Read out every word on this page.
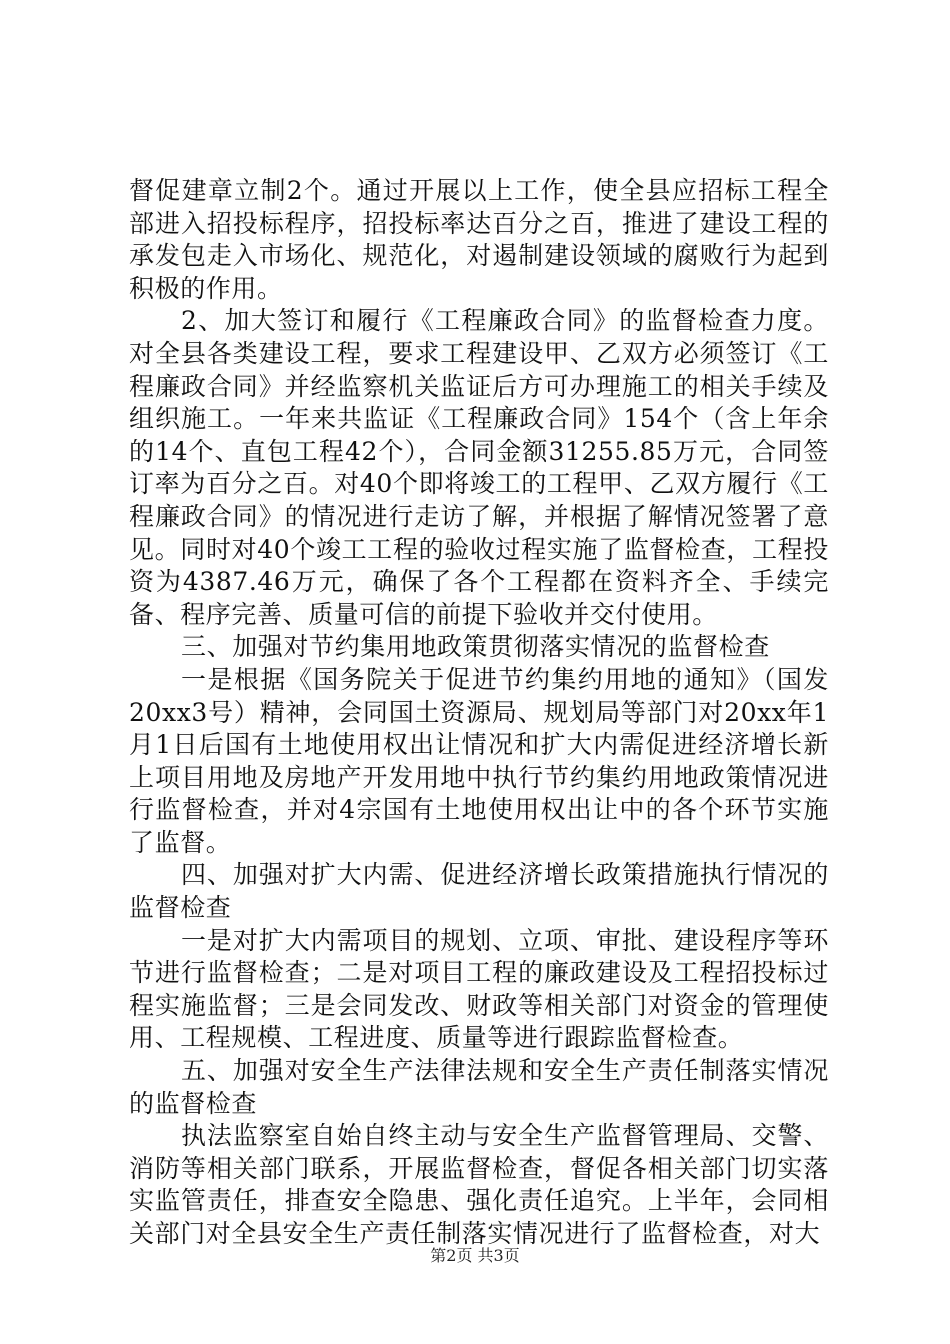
督促建章立制2个。通过开展以上工作，使全县应招标工程全部进入招投标程序，招投标率达百分之百，推进了建设工程的承发包走入市场化、规范化，对遏制建设领域的腐败行为起到积极的作用。

2、加大签订和履行《工程廉政合同》的监督检查力度。对全县各类建设工程，要求工程建设甲、乙双方必须签订《工程廉政合同》并经监察机关监证后方可办理施工的相关手续及组织施工。一年来共监证《工程廉政合同》154个（含上年余的14个、直包工程42个），合同金额31255.85万元，合同签订率为百分之百。对40个即将竣工的工程甲、乙双方履行《工程廉政合同》的情况进行走访了解，并根据了解情况签署了意见。同时对40个竣工工程的验收过程实施了监督检查，工程投资为4387.46万元，确保了各个工程都在资料齐全、手续完备、程序完善、质量可信的前提下验收并交付使用。

三、加强对节约集用地政策贯彻落实情况的监督检查

一是根据《国务院关于促进节约集约用地的通知》（国发20xx3号）精神，会同国土资源局、规划局等部门对20xx年1月1日后国有土地使用权出让情况和扩大内需促进经济增长新上项目用地及房地产开发用地中执行节约集约用地政策情况进行监督检查，并对4宗国有土地使用权出让中的各个环节实施了监督。

四、加强对扩大内需、促进经济增长政策措施执行情况的监督检查

一是对扩大内需项目的规划、立项、审批、建设程序等环节进行监督检查；二是对项目工程的廉政建设及工程招投标过程实施监督；三是会同发改、财政等相关部门对资金的管理使用、工程规模、工程进度、质量等进行跟踪监督检查。

五、加强对安全生产法律法规和安全生产责任制落实情况的监督检查

执法监察室自始自终主动与安全生产监督管理局、交警、消防等相关部门联系，开展监督检查，督促各相关部门切实落实监管责任，排查安全隐患、强化责任追究。上半年，会同相关部门对全县安全生产责任制落实情况进行了监督检查，对大

第2页 共3页
